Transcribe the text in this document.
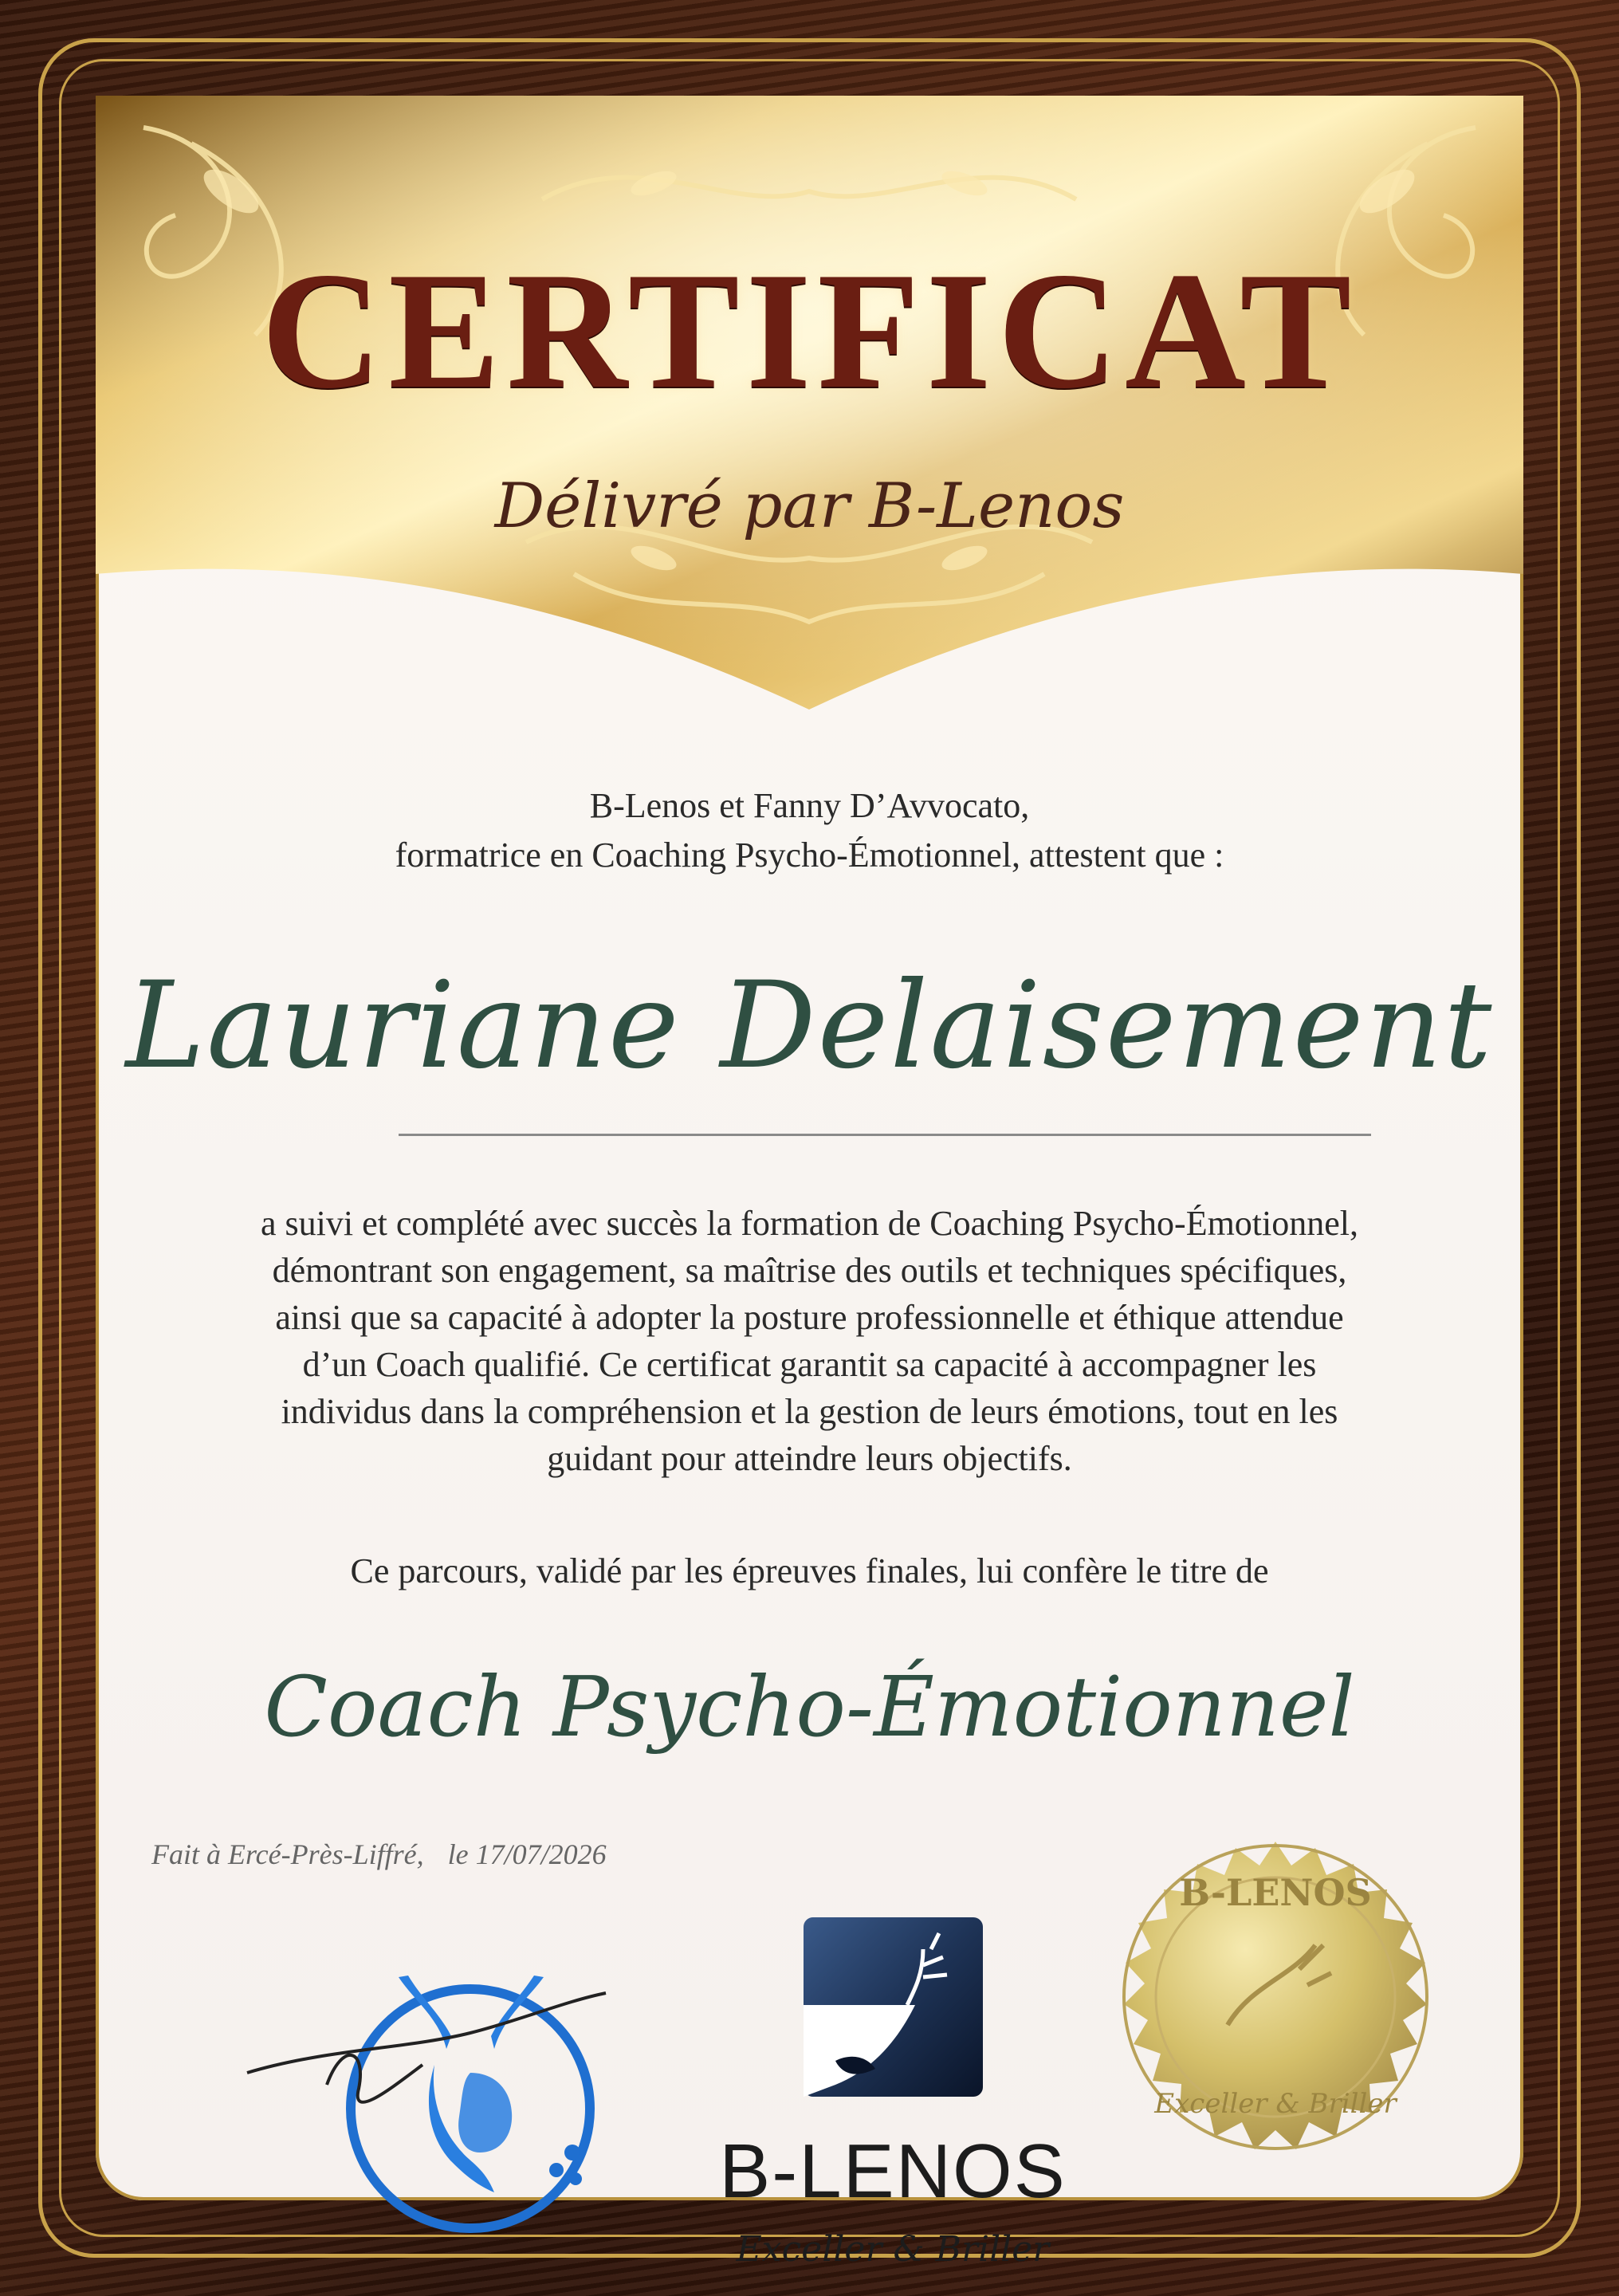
CERTIFICAT
Délivré par B-Lenos
B-Lenos et Fanny D’Avvocato,
formatrice en Coaching Psycho-Émotionnel, attestent que :
Lauriane Delaisement
a suivi et complété avec succès la formation de Coaching Psycho-Émotionnel,
démontrant son engagement, sa maîtrise des outils et techniques spécifiques,
ainsi que sa capacité à adopter la posture professionnelle et éthique attendue
d’un Coach qualifié. Ce certificat garantit sa capacité à accompagner les
individus dans la compréhension et la gestion de leurs émotions, tout en les
guidant pour atteindre leurs objectifs.
Ce parcours, validé par les épreuves finales, lui confère le titre de
Coach Psycho-Émotionnel
Fait à Ercé-Près-Liffré, le 17/07/2026
B-LENOS
Exceller & Briller
B-LENOS
Exceller & Briller
